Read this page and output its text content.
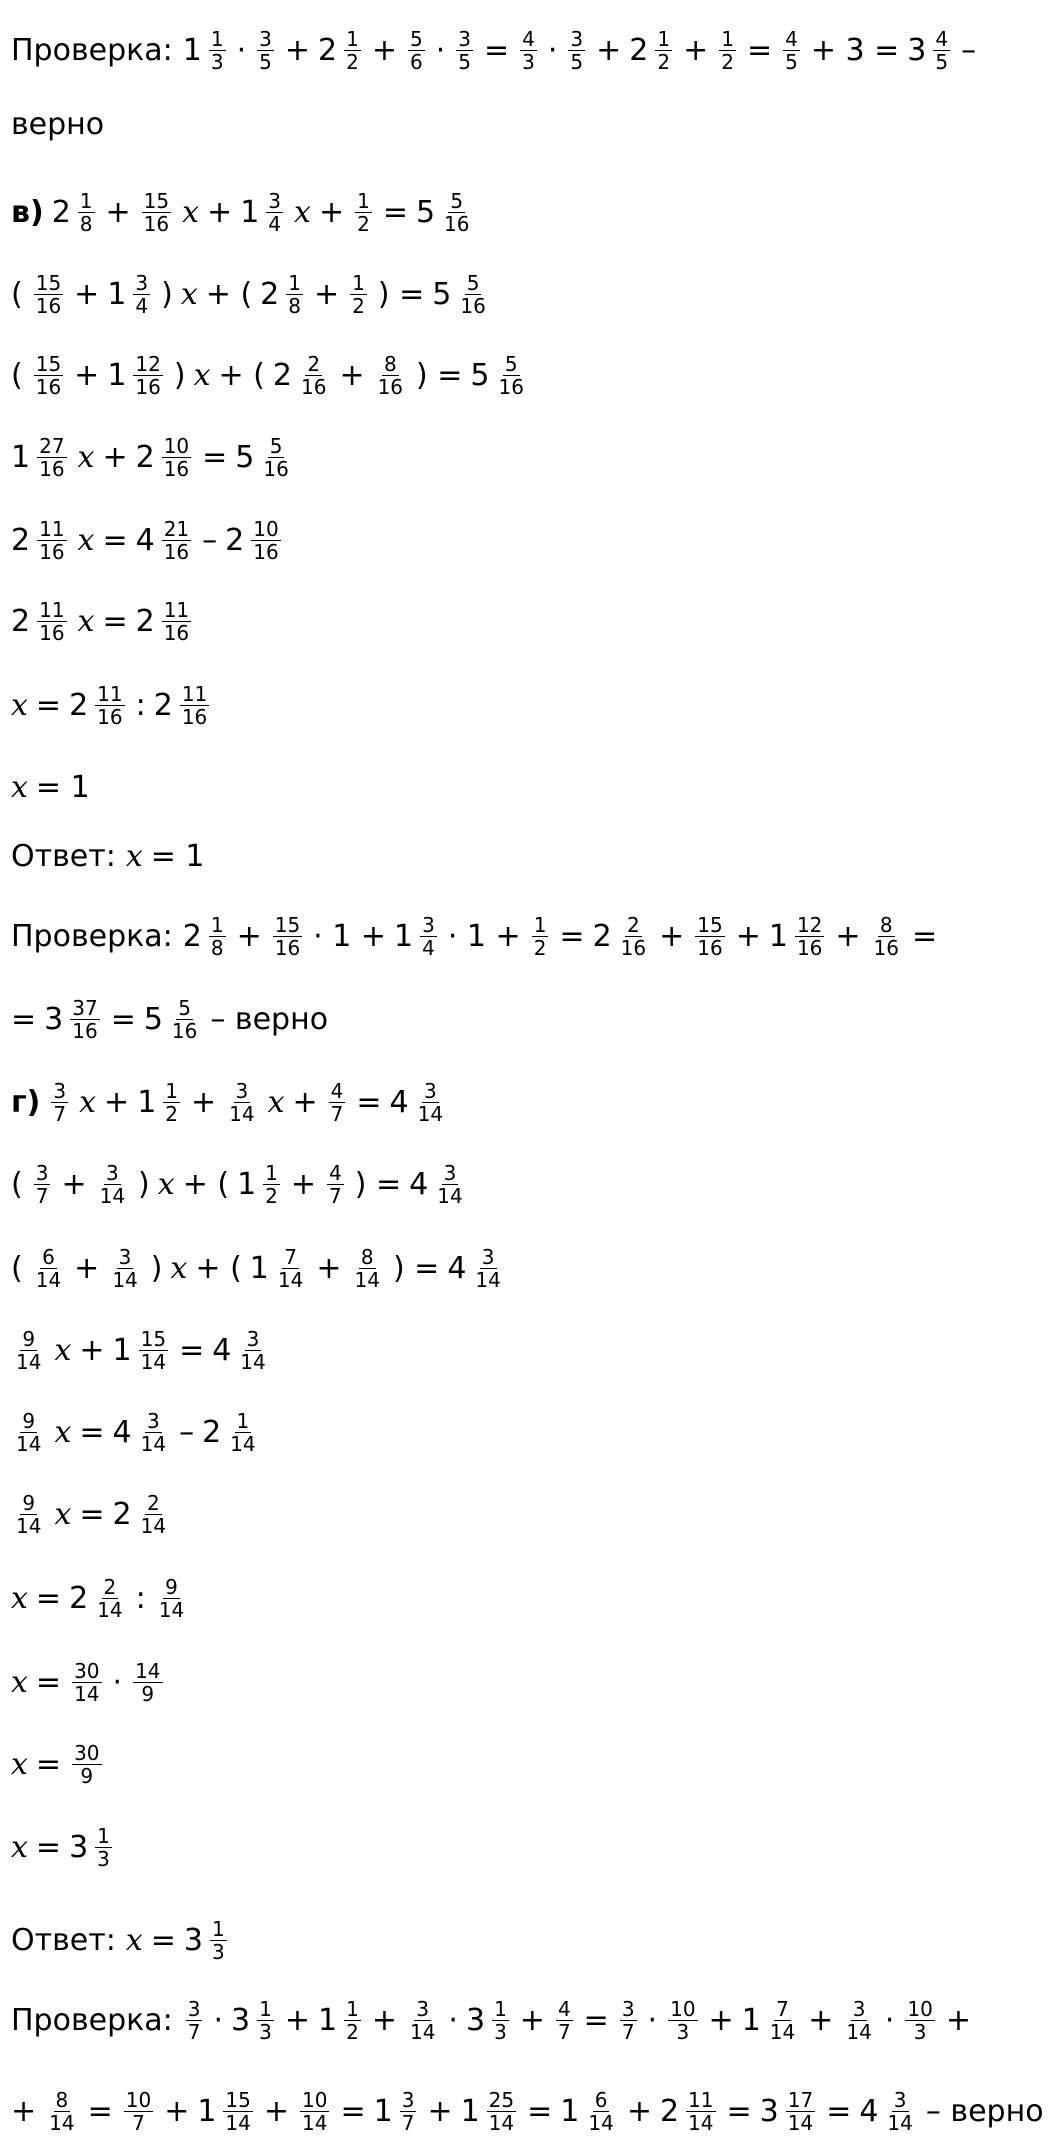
Проверка: $1 \frac{1}{3} \cdot \frac{3}{5} + 2 \frac{1}{2} + \frac{5}{6} \cdot \frac{3}{5} = \frac{4}{3} \cdot \frac{3}{5} + 2 \frac{1}{2} + \frac{1}{2} = \frac{4}{5} + 3 = 3 \frac{4}{5}$ –
верно
в) $2 \frac{1}{8} + \frac{15}{16}$ $x + 1 \frac{3}{4}$ $x + \frac{1}{2} = 5 \frac{5}{16}$
( $\frac{15}{16} + 1 \frac{3}{4}$ ) x + ( $2 \frac{1}{8} + \frac{1}{2}$ ) = $5 \frac{5}{16}$
( $\frac{15}{16} + 1 \frac{12}{16}$ ) x + ( $2 \frac{2}{16} + \frac{8}{16}$ ) = $5 \frac{5}{16}$
$1 \frac{27}{16}$ $x + 2 \frac{10}{16} = 5 \frac{5}{16}$
$2 \frac{11}{16}$ $x = 4 \frac{21}{16} - 2 \frac{10}{16}$
$2 \frac{11}{16}$ $x = 2 \frac{11}{16}$
$x = 2 \frac{11}{16}$ : $2 \frac{11}{16}$
x = 1
Ответ: x = 1
Проверка: $2 \frac{1}{8} + \frac{15}{16} \cdot 1 + 1 \frac{3}{4} \cdot 1 + \frac{1}{2} = 2 \frac{2}{16} + \frac{15}{16} + 1 \frac{12}{16} + \frac{8}{16}$ =
= $3 \frac{37}{16} = 5 \frac{5}{16}$ – верно
$г) \frac{3}{7}$ $x + 1 \frac{1}{2} + \frac{3}{14}$ $x + \frac{4}{7} = 4 \frac{3}{14}$
( $\frac{3}{7} + \frac{3}{14}$ ) x + ( $1 \frac{1}{2} + \frac{4}{7}$ ) = $4 \frac{3}{14}$
( $\frac{6}{14} + \frac{3}{14}$ ) x + ( $1 \frac{7}{14} + \frac{8}{14}$ ) = $4 \frac{3}{14}$
$\frac{9}{14}$ $x + 1 \frac{15}{14} = 4 \frac{3}{14}$
$\frac{9}{14}$ $x = 4 \frac{3}{14} - 2 \frac{1}{14}$
$\frac{9}{14}$ $x = 2 \frac{2}{14}$
$x = 2 \frac{2}{14}$ : $\frac{9}{14}$
$x = \frac{30}{14} \cdot \frac{14}{9}$
$x = \frac{30}{9}$
$x = 3 \frac{1}{3}$
Ответ: $x = 3 \frac{1}{3}$
Проверка: $\frac{3}{7} \cdot 3 \frac{1}{3} + 1 \frac{1}{2} + \frac{3}{14} \cdot 3 \frac{1}{3} + \frac{4}{7} = \frac{3}{7} \cdot \frac{10}{3} + 1 \frac{7}{14} + \frac{3}{14} \cdot \frac{10}{3}$ +
+ $\frac{8}{14} = \frac{10}{7} + 1 \frac{15}{14} + \frac{10}{14} = 1 \frac{3}{7} + 1 \frac{25}{14} = 1 \frac{6}{14} + 2 \frac{11}{14} = 3 \frac{17}{14} = 4 \frac{3}{14}$ – верно
